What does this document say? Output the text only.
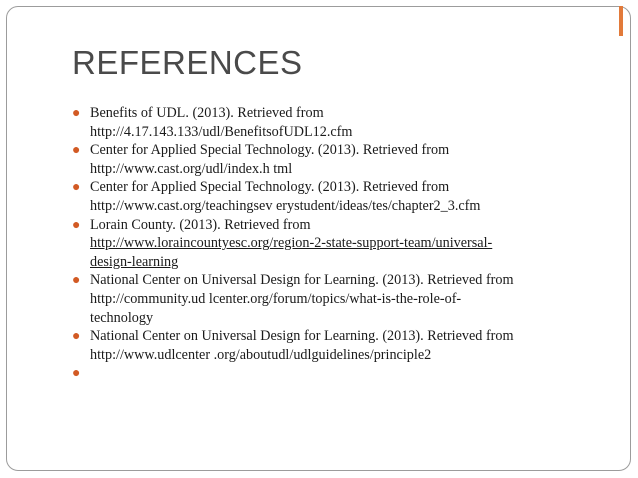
REFERENCES
● Benefits of UDL. (2013). Retrieved from
http://4.17.143.133/udl/BenefitsofUDL12.cfm
● Center for Applied Special Technology. (2013). Retrieved from
http://www.cast.org/udl/index.h tml
● Center for Applied Special Technology. (2013). Retrieved from
http://www.cast.org/teachingsev erystudent/ideas/tes/chapter2_3.cfm
● Lorain County. (2013). Retrieved from
http://www.loraincountyesc.org/region-2-state-support-team/universal-
design-learning
● National Center on Universal Design for Learning. (2013). Retrieved from
http://community.ud lcenter.org/forum/topics/what-is-the-role-of-
technology
● National Center on Universal Design for Learning. (2013). Retrieved from
http://www.udlcenter .org/aboutudl/udlguidelines/principle2
●
